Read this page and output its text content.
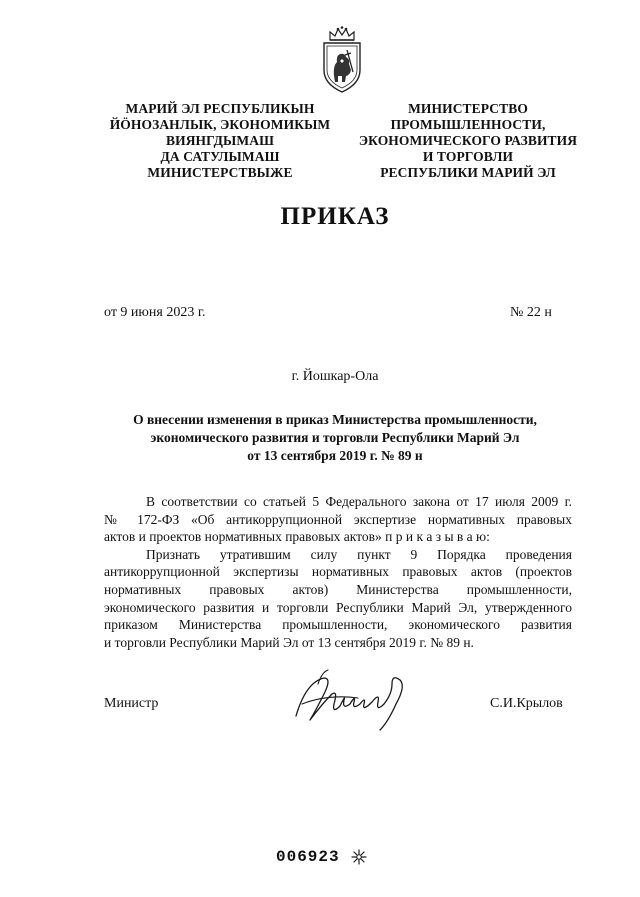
МАРИЙ ЭЛ РЕСПУБЛИКЫН
ЙӦНОЗАНЛЫК, ЭКОНОМИКЫМ
ВИЯНГДЫМАШ
ДА САТУЛЫМАШ
МИНИСТЕРСТВЫЖЕ
МИНИСТЕРСТВО
ПРОМЫШЛЕННОСТИ,
ЭКОНОМИЧЕСКОГО РАЗВИТИЯ
И ТОРГОВЛИ
РЕСПУБЛИКИ МАРИЙ ЭЛ
ПРИКАЗ
от 9 июня 2023 г.	№ 22 н
г. Йошкар-Ола
О внесении изменения в приказ Министерства промышленности,
экономического развития и торговли Республики Марий Эл
от 13 сентября 2019 г. № 89 н
В соответствии со статьей 5 Федерального закона от 17 июля 2009 г.
№ 172-ФЗ «Об антикоррупционной экспертизе нормативных правовых
актов и проектов нормативных правовых актов» п р и к а з ы в а ю:
Признать утратившим силу пункт 9 Порядка проведения
антикоррупционной экспертизы нормативных правовых актов (проектов
нормативных правовых актов) Министерства промышленности,
экономического развития и торговли Республики Марий Эл, утвержденного
приказом Министерства промышленности, экономического развития
и торговли Республики Марий Эл от 13 сентября 2019 г. № 89 н.
Министр	С.И.Крылов
006923
